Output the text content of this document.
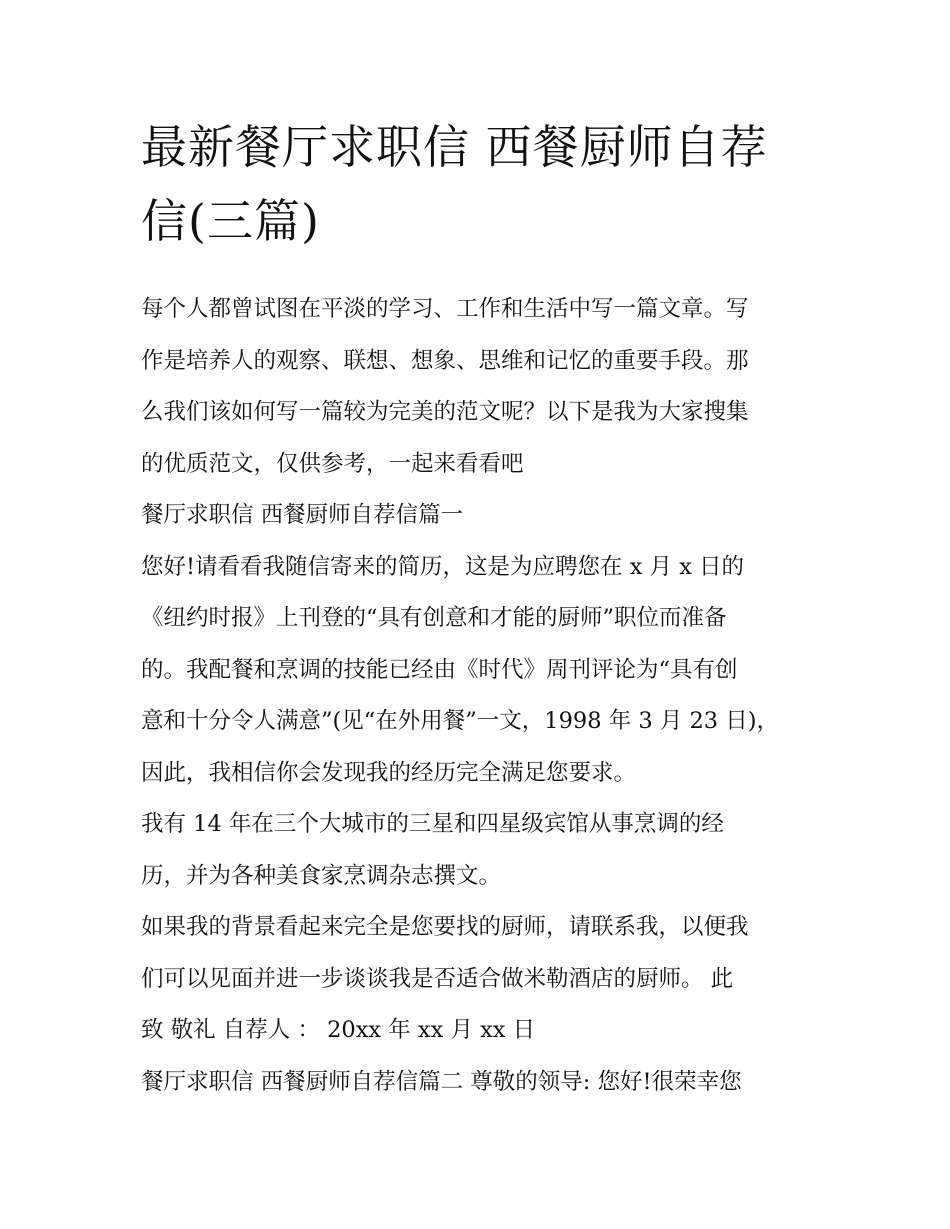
最新餐厅求职信 西餐厨师自荐
信(三篇)

每个人都曾试图在平淡的学习、工作和生活中写一篇文章。写
作是培养人的观察、联想、想象、思维和记忆的重要手段。那
么我们该如何写一篇较为完美的范文呢？以下是我为大家搜集
的优质范文，仅供参考，一起来看看吧

餐厅求职信 西餐厨师自荐信篇一

您好!请看看我随信寄来的简历，这是为应聘您在 x 月 x 日的
《纽约时报》上刊登的“具有创意和才能的厨师”职位而准备
的。我配餐和烹调的技能已经由《时代》周刊评论为“具有创
意和十分令人满意”(见“在外用餐”一文，1998 年 3 月 23 日)，
因此，我相信你会发现我的经历完全满足您要求。

我有 14 年在三个大城市的三星和四星级宾馆从事烹调的经
历，并为各种美食家烹调杂志撰文。

如果我的背景看起来完全是您要找的厨师，请联系我，以便我
们可以见面并进一步谈谈我是否适合做米勒酒店的厨师。 此
致 敬礼 自荐人 ： 20xx 年 xx 月 xx 日

餐厅求职信 西餐厨师自荐信篇二 尊敬的领导: 您好!很荣幸您
